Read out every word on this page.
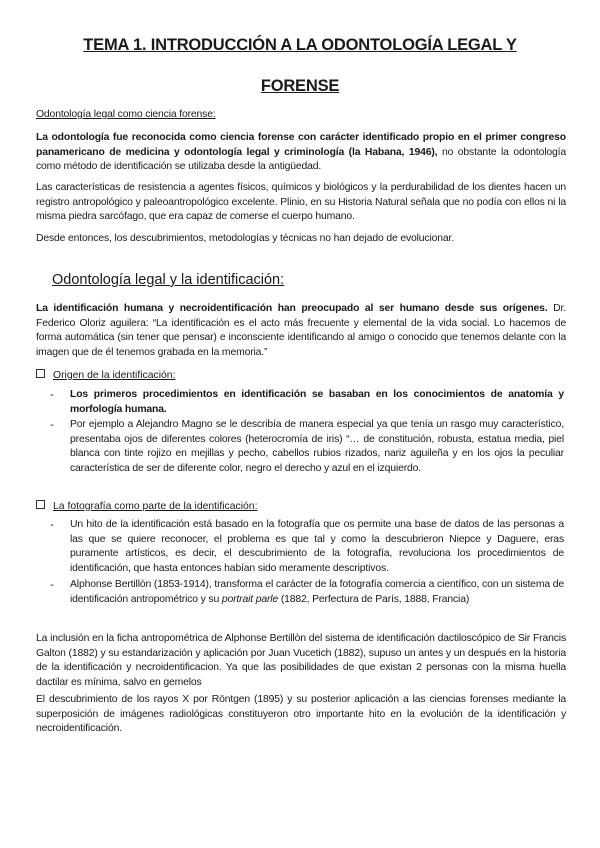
TEMA 1. INTRODUCCIÓN A LA ODONTOLOGÍA LEGAL Y
FORENSE
Odontología legal como ciencia forense:
La odontología fue reconocida como ciencia forense con carácter identificado propio en el primer congreso panamericano de medicina y odontología legal y criminología (la Habana, 1946), no obstante la odontología como método de identificación se utilizaba desde la antigüedad.
Las características de resistencia a agentes físicos, químicos y biológicos y la perdurabilidad de los dientes hacen un registro antropológico y paleoantropológico excelente. Plinio, en su Historia Natural señala que no podía con ellos ni la misma piedra sarcófago, que era capaz de comerse el cuerpo humano.
Desde entonces, los descubrimientos, metodologías y técnicas no han dejado de evolucionar.
Odontología legal y la identificación:
La identificación humana y necroidentificación han preocupado al ser humano desde sus orígenes. Dr. Federico Oloriz aguilera: “La identificación es el acto más frecuente y elemental de la vida social. Lo hacemos de forma automática (sin tener que pensar) e inconsciente identificando al amigo o conocido que tenemos delante con la imagen que de él tenemos grabada en la memoria.”
Origen de la identificación:
- Los primeros procedimientos en identificación se basaban en los conocimientos de anatomía y morfología humana.
- Por ejemplo a Alejandro Magno se le describía de manera especial ya que tenía un rasgo muy característico, presentaba ojos de diferentes colores (heterocromía de iris) “… de constitución, robusta, estatua media, piel blanca con tinte rojizo en mejillas y pecho, cabellos rubios rizados, nariz aguileña y en los ojos la peculiar característica de ser de diferente color, negro el derecho y azul en el izquierdo.
La fotografía como parte de la identificación:
- Un hito de la identificación está basado en la fotografía que os permite una base de datos de las personas a las que se quiere reconocer, el problema es que tal y como la descubrieron Niepce y Daguere, eras puramente artísticos, es decir, el descubrimiento de la fotografía, revoluciona los procedimientos de identificación, que hasta entonces habían sido meramente descriptivos.
- Alphonse Bertillòn (1853-1914), transforma el carácter de la fotografía comercia a científico, con un sistema de identificación antropométrico y su portrait parle (1882, Perfectura de París, 1888, Francia)
La inclusión en la ficha antropométrica de Alphonse Bertillòn del sistema de identificación dactiloscópico de Sir Francis Galton (1882) y su estandarización y aplicación por Juan Vucetich (1882), supuso un antes y un después en la historia de la identificación y necroidentificacion. Ya que las posibilidades de que existan 2 personas con la misma huella dactilar es mínima, salvo en gemelos
El descubrimiento de los rayos X por Röntgen (1895) y su posterior aplicación a las ciencias forenses mediante la superposición de imágenes radiológicas constituyeron otro importante hito en la evolución de la identificación y necroidentificación.
